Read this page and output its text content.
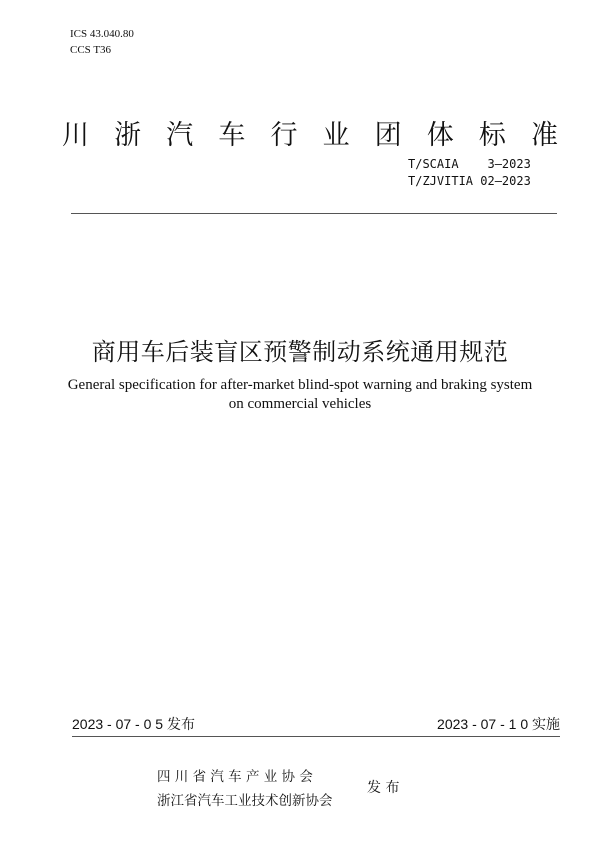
ICS 43.040.80
CCS T36
川 浙 汽 车 行 业 团 体 标 准
T/SCAIA    3—2023
T/ZJVITIA 02—2023
商用车后装盲区预警制动系统通用规范
General specification for after-market blind-spot warning and braking system
on commercial vehicles
2023 - 07 - 0 5 发布	2023 - 07 - 1 0 实施
四 川 省 汽 车 产 业 协 会
浙江省汽车工业技术创新协会
发 布
